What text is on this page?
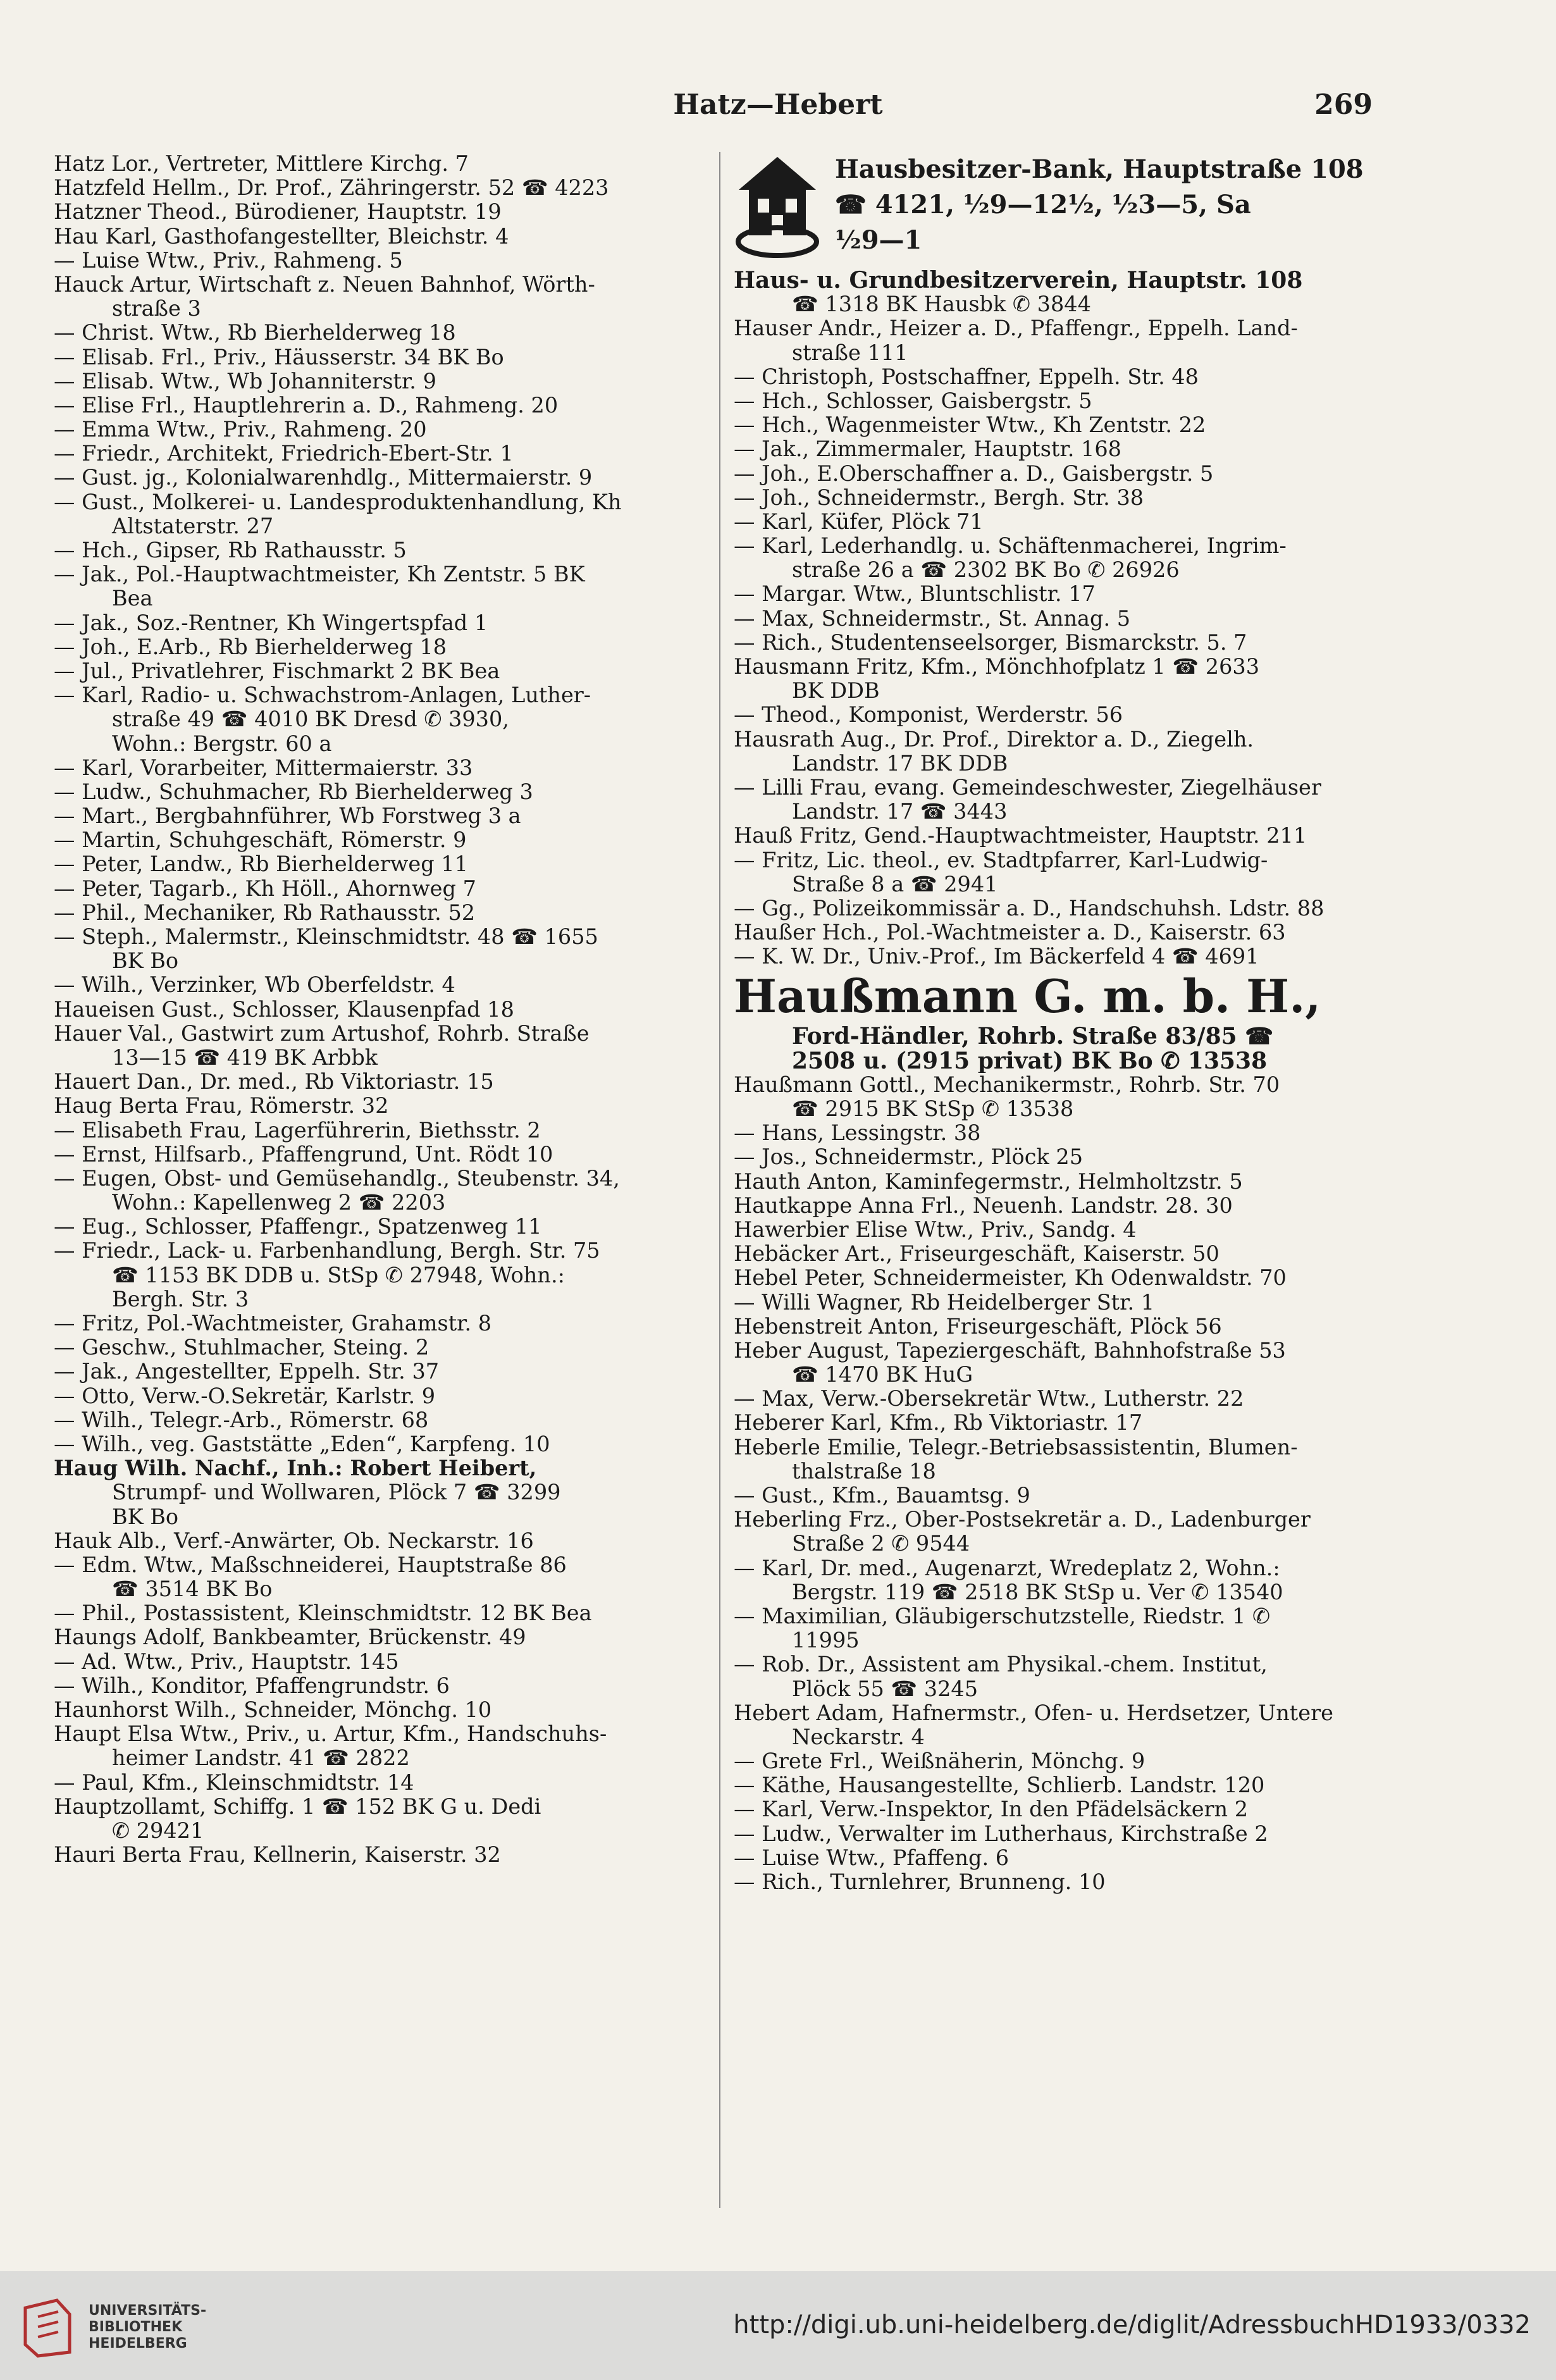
Hatz—Hebert	269
Hatz Lor., Vertreter, Mittlere Kirchg. 7
Hatzfeld Hellm., Dr. Prof., Zähringerstr. 52 ☎ 4223
Hatzner Theod., Bürodiener, Hauptstr. 19
Hau Karl, Gasthofangestellter, Bleichstr. 4
— Luise Wtw., Priv., Rahmeng. 5
Hauck Artur, Wirtschaft z. Neuen Bahnhof, Wörth-
straße 3
— Christ. Wtw., Rb Bierhelderweg 18
— Elisab. Frl., Priv., Häusserstr. 34 BK Bo
— Elisab. Wtw., Wb Johanniterstr. 9
— Elise Frl., Hauptlehrerin a. D., Rahmeng. 20
— Emma Wtw., Priv., Rahmeng. 20
— Friedr., Architekt, Friedrich-Ebert-Str. 1
— Gust. jg., Kolonialwarenhdlg., Mittermaierstr. 9
— Gust., Molkerei- u. Landesproduktenhandlung, Kh
Altstaterstr. 27
— Hch., Gipser, Rb Rathausstr. 5
— Jak., Pol.-Hauptwachtmeister, Kh Zentstr. 5 BK
Bea
— Jak., Soz.-Rentner, Kh Wingertspfad 1
— Joh., E.Arb., Rb Bierhelderweg 18
— Jul., Privatlehrer, Fischmarkt 2 BK Bea
— Karl, Radio- u. Schwachstrom-Anlagen, Luther-
straße 49 ☎ 4010 BK Dresd ✆ 3930,
Wohn.: Bergstr. 60 a
— Karl, Vorarbeiter, Mittermaierstr. 33
— Ludw., Schuhmacher, Rb Bierhelderweg 3
— Mart., Bergbahnführer, Wb Forstweg 3 a
— Martin, Schuhgeschäft, Römerstr. 9
— Peter, Landw., Rb Bierhelderweg 11
— Peter, Tagarb., Kh Höll., Ahornweg 7
— Phil., Mechaniker, Rb Rathausstr. 52
— Steph., Malermstr., Kleinschmidtstr. 48 ☎ 1655
BK Bo
— Wilh., Verzinker, Wb Oberfeldstr. 4
Haueisen Gust., Schlosser, Klausenpfad 18
Hauer Val., Gastwirt zum Artushof, Rohrb. Straße
13—15 ☎ 419 BK Arbbk
Hauert Dan., Dr. med., Rb Viktoriastr. 15
Haug Berta Frau, Römerstr. 32
— Elisabeth Frau, Lagerführerin, Biethsstr. 2
— Ernst, Hilfsarb., Pfaffengrund, Unt. Rödt 10
— Eugen, Obst- und Gemüsehandlg., Steubenstr. 34,
Wohn.: Kapellenweg 2 ☎ 2203
— Eug., Schlosser, Pfaffengr., Spatzenweg 11
— Friedr., Lack- u. Farbenhandlung, Bergh. Str. 75
☎ 1153 BK DDB u. StSp ✆ 27948, Wohn.:
Bergh. Str. 3
— Fritz, Pol.-Wachtmeister, Grahamstr. 8
— Geschw., Stuhlmacher, Steing. 2
— Jak., Angestellter, Eppelh. Str. 37
— Otto, Verw.-O.Sekretär, Karlstr. 9
— Wilh., Telegr.-Arb., Römerstr. 68
— Wilh., veg. Gaststätte „Eden“, Karpfeng. 10
Haug Wilh. Nachf., Inh.: Robert Heibert,
Strumpf- und Wollwaren, Plöck 7 ☎ 3299
BK Bo
Hauk Alb., Verf.-Anwärter, Ob. Neckarstr. 16
— Edm. Wtw., Maßschneiderei, Hauptstraße 86
☎ 3514 BK Bo
— Phil., Postassistent, Kleinschmidtstr. 12 BK Bea
Haungs Adolf, Bankbeamter, Brückenstr. 49
— Ad. Wtw., Priv., Hauptstr. 145
— Wilh., Konditor, Pfaffengrundstr. 6
Haunhorst Wilh., Schneider, Mönchg. 10
Haupt Elsa Wtw., Priv., u. Artur, Kfm., Handschuhs-
heimer Landstr. 41 ☎ 2822
— Paul, Kfm., Kleinschmidtstr. 14
Hauptzollamt, Schiffg. 1 ☎ 152 BK G u. Dedi
✆ 29421
Hauri Berta Frau, Kellnerin, Kaiserstr. 32
Hausbesitzer-Bank, Hauptstraße 108
☎ 4121, ½9—12½, ½3—5, Sa
½9—1
Haus- u. Grundbesitzerverein, Hauptstr. 108
☎ 1318 BK Hausbk ✆ 3844
Hauser Andr., Heizer a. D., Pfaffengr., Eppelh. Land-
straße 111
— Christoph, Postschaffner, Eppelh. Str. 48
— Hch., Schlosser, Gaisbergstr. 5
— Hch., Wagenmeister Wtw., Kh Zentstr. 22
— Jak., Zimmermaler, Hauptstr. 168
— Joh., E.Oberschaffner a. D., Gaisbergstr. 5
— Joh., Schneidermstr., Bergh. Str. 38
— Karl, Küfer, Plöck 71
— Karl, Lederhandlg. u. Schäftenmacherei, Ingrim-
straße 26 a ☎ 2302 BK Bo ✆ 26926
— Margar. Wtw., Bluntschlistr. 17
— Max, Schneidermstr., St. Annag. 5
— Rich., Studentenseelsorger, Bismarckstr. 5. 7
Hausmann Fritz, Kfm., Mönchhofplatz 1 ☎ 2633
BK DDB
— Theod., Komponist, Werderstr. 56
Hausrath Aug., Dr. Prof., Direktor a. D., Ziegelh.
Landstr. 17 BK DDB
— Lilli Frau, evang. Gemeindeschwester, Ziegelhäuser
Landstr. 17 ☎ 3443
Hauß Fritz, Gend.-Hauptwachtmeister, Hauptstr. 211
— Fritz, Lic. theol., ev. Stadtpfarrer, Karl-Ludwig-
Straße 8 a ☎ 2941
— Gg., Polizeikommissär a. D., Handschuhsh. Ldstr. 88
Haußer Hch., Pol.-Wachtmeister a. D., Kaiserstr. 63
— K. W. Dr., Univ.-Prof., Im Bäckerfeld 4 ☎ 4691
Haußmann G. m. b. H.,
Ford-Händler, Rohrb. Straße 83/85 ☎
2508 u. (2915 privat) BK Bo ✆ 13538
Haußmann Gottl., Mechanikermstr., Rohrb. Str. 70
☎ 2915 BK StSp ✆ 13538
— Hans, Lessingstr. 38
— Jos., Schneidermstr., Plöck 25
Hauth Anton, Kaminfegermstr., Helmholtzstr. 5
Hautkappe Anna Frl., Neuenh. Landstr. 28. 30
Hawerbier Elise Wtw., Priv., Sandg. 4
Hebäcker Art., Friseurgeschäft, Kaiserstr. 50
Hebel Peter, Schneidermeister, Kh Odenwaldstr. 70
— Willi Wagner, Rb Heidelberger Str. 1
Hebenstreit Anton, Friseurgeschäft, Plöck 56
Heber August, Tapeziergeschäft, Bahnhofstraße 53
☎ 1470 BK HuG
— Max, Verw.-Obersekretär Wtw., Lutherstr. 22
Heberer Karl, Kfm., Rb Viktoriastr. 17
Heberle Emilie, Telegr.-Betriebsassistentin, Blumen-
thalstraße 18
— Gust., Kfm., Bauamtsg. 9
Heberling Frz., Ober-Postsekretär a. D., Ladenburger
Straße 2 ✆ 9544
— Karl, Dr. med., Augenarzt, Wredeplatz 2, Wohn.:
Bergstr. 119 ☎ 2518 BK StSp u. Ver ✆ 13540
— Maximilian, Gläubigerschutzstelle, Riedstr. 1 ✆
11995
— Rob. Dr., Assistent am Physikal.-chem. Institut,
Plöck 55 ☎ 3245
Hebert Adam, Hafnermstr., Ofen- u. Herdsetzer, Untere
Neckarstr. 4
— Grete Frl., Weißnäherin, Mönchg. 9
— Käthe, Hausangestellte, Schlierb. Landstr. 120
— Karl, Verw.-Inspektor, In den Pfädelsäckern 2
— Ludw., Verwalter im Lutherhaus, Kirchstraße 2
— Luise Wtw., Pfaffeng. 6
— Rich., Turnlehrer, Brunneng. 10
UNIVERSITÄTS-
BIBLIOTHEK
HEIDELBERG
http://digi.ub.uni-heidelberg.de/diglit/AdressbuchHD1933/0332
